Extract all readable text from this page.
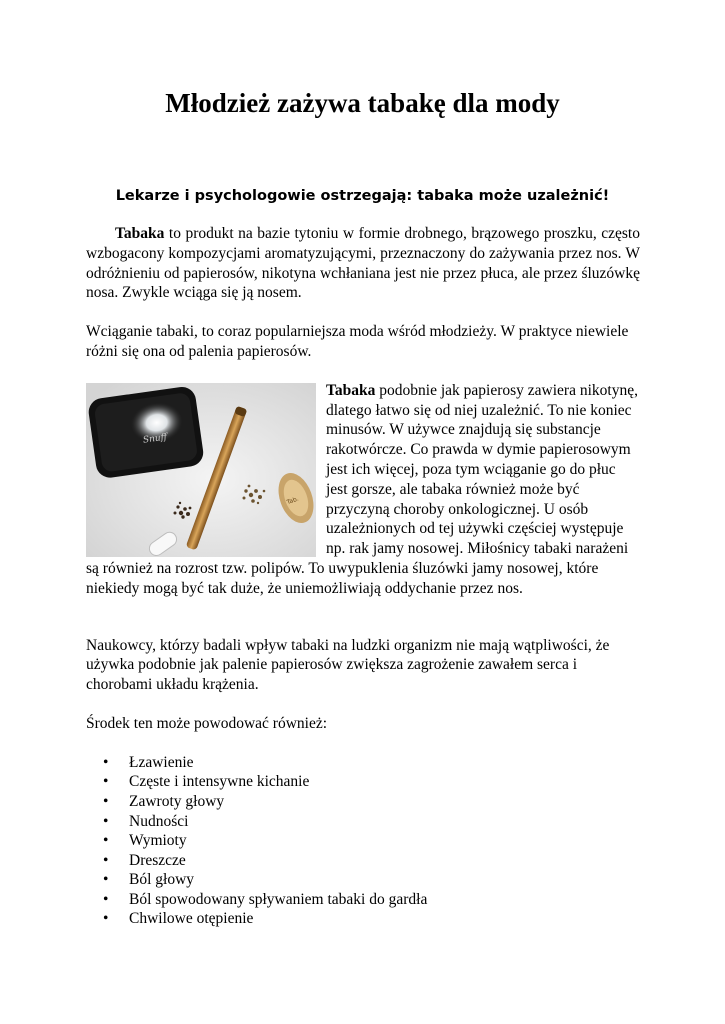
Młodzież zażywa tabakę dla mody

Lekarze i psychologowie ostrzegają: tabaka może uzależnić!

Tabaka to produkt na bazie tytoniu w formie drobnego, brązowego proszku, często wzbogacony kompozycjami aromatyzującymi, przeznaczony do zażywania przez nos. W odróżnieniu od papierosów, nikotyna wchłaniana jest nie przez płuca, ale przez śluzówkę nosa. Zwykle wciąga się ją nosem.

Wciąganie tabaki, to coraz popularniejsza moda wśród młodzieży. W praktyce niewiele różni się ona od palenia papierosów.

Snuff
Tab.

Tabaka podobnie jak papierosy zawiera nikotynę, dlatego łatwo się od niej uzależnić. To nie koniec minusów. W używce znajdują się substancje rakotwórcze. Co prawda w dymie papierosowym jest ich więcej, poza tym wciąganie go do płuc jest gorsze, ale tabaka również może być przyczyną choroby onkologicznej. U osób uzależnionych od tej używki częściej występuje np. rak jamy nosowej. Miłośnicy tabaki narażeni są również na rozrost tzw. polipów. To uwypuklenia śluzówki jamy nosowej, które niekiedy mogą być tak duże, że uniemożliwiają oddychanie przez nos.

Naukowcy, którzy badali wpływ tabaki na ludzki organizm nie mają wątpliwości, że używka podobnie jak palenie papierosów zwiększa zagrożenie zawałem serca i chorobami układu krążenia.

Środek ten może powodować również:

• Łzawienie
• Częste i intensywne kichanie
• Zawroty głowy
• Nudności
• Wymioty
• Dreszcze
• Ból głowy
• Ból spowodowany spływaniem tabaki do gardła
• Chwilowe otępienie
